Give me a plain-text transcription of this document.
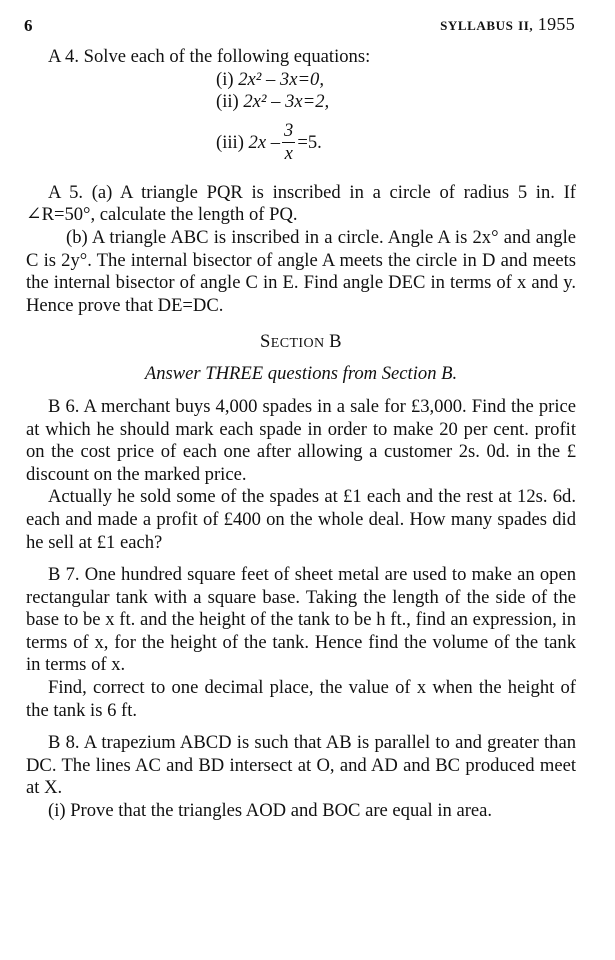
6	SYLLABUS II, 1955

A 4. Solve each of the following equations:

(i) 2x² – 3x=0,
(ii) 2x² – 3x=2,
(iii)
$2x - \frac{3}{x} =5$.

A 5. (a) A triangle PQR is inscribed in a circle of radius 5 in. If ∠R=50°, calculate the length of PQ.

(b) A triangle ABC is inscribed in a circle. Angle A is 2x° and angle C is 2y°. The internal bisector of angle A meets the circle in D and meets the internal bisector of angle C in E. Find angle DEC in terms of x and y. Hence prove that DE=DC.

SECTION B

Answer THREE questions from Section B.

B 6. A merchant buys 4,000 spades in a sale for £3,000. Find the price at which he should mark each spade in order to make 20 per cent. profit on the cost price of each one after allowing a customer 2s. 0d. in the £ discount on the marked price.

Actually he sold some of the spades at £1 each and the rest at 12s. 6d. each and made a profit of £400 on the whole deal. How many spades did he sell at £1 each?

B 7. One hundred square feet of sheet metal are used to make an open rectangular tank with a square base. Taking the length of the side of the base to be x ft. and the height of the tank to be h ft., find an expression, in terms of x, for the height of the tank. Hence find the volume of the tank in terms of x.

Find, correct to one decimal place, the value of x when the height of the tank is 6 ft.

B 8. A trapezium ABCD is such that AB is parallel to and greater than DC. The lines AC and BD intersect at O, and AD and BC produced meet at X.

(i) Prove that the triangles AOD and BOC are equal in area.
